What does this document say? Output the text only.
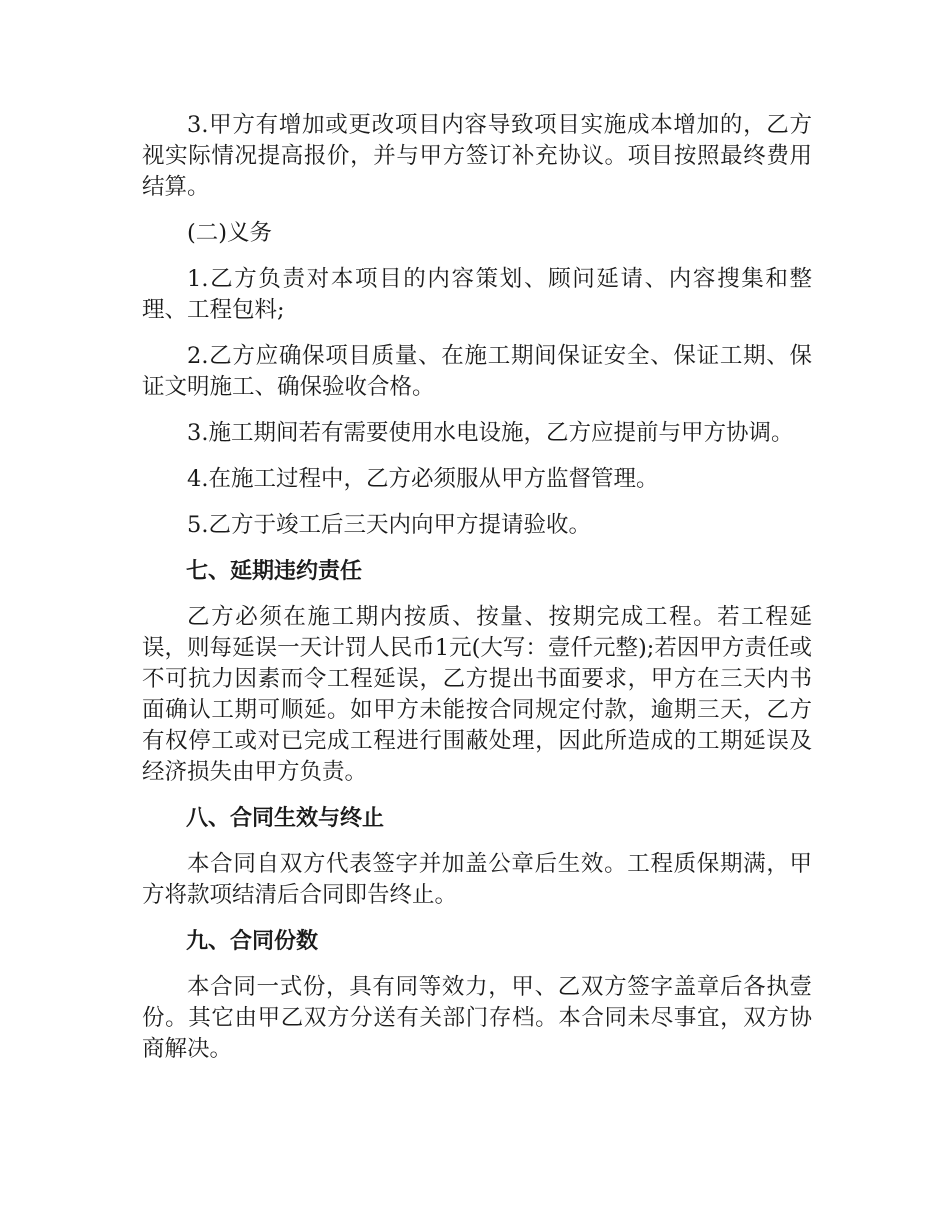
3.甲方有增加或更改项目内容导致项目实施成本增加的，乙方视实际情况提高报价，并与甲方签订补充协议。项目按照最终费用结算。

(二)义务

1.乙方负责对本项目的内容策划、顾问延请、内容搜集和整理、工程包料;

2.乙方应确保项目质量、在施工期间保证安全、保证工期、保证文明施工、确保验收合格。

3.施工期间若有需要使用水电设施，乙方应提前与甲方协调。

4.在施工过程中，乙方必须服从甲方监督管理。

5.乙方于竣工后三天内向甲方提请验收。

七、延期违约责任

乙方必须在施工期内按质、按量、按期完成工程。若工程延误，则每延误一天计罚人民币1元(大写：壹仟元整);若因甲方责任或不可抗力因素而令工程延误，乙方提出书面要求，甲方在三天内书面确认工期可顺延。如甲方未能按合同规定付款，逾期三天，乙方有权停工或对已完成工程进行围蔽处理，因此所造成的工期延误及经济损失由甲方负责。

八、合同生效与终止

本合同自双方代表签字并加盖公章后生效。工程质保期满，甲方将款项结清后合同即告终止。

九、合同份数

本合同一式份，具有同等效力，甲、乙双方签字盖章后各执壹份。其它由甲乙双方分送有关部门存档。本合同未尽事宜，双方协商解决。
